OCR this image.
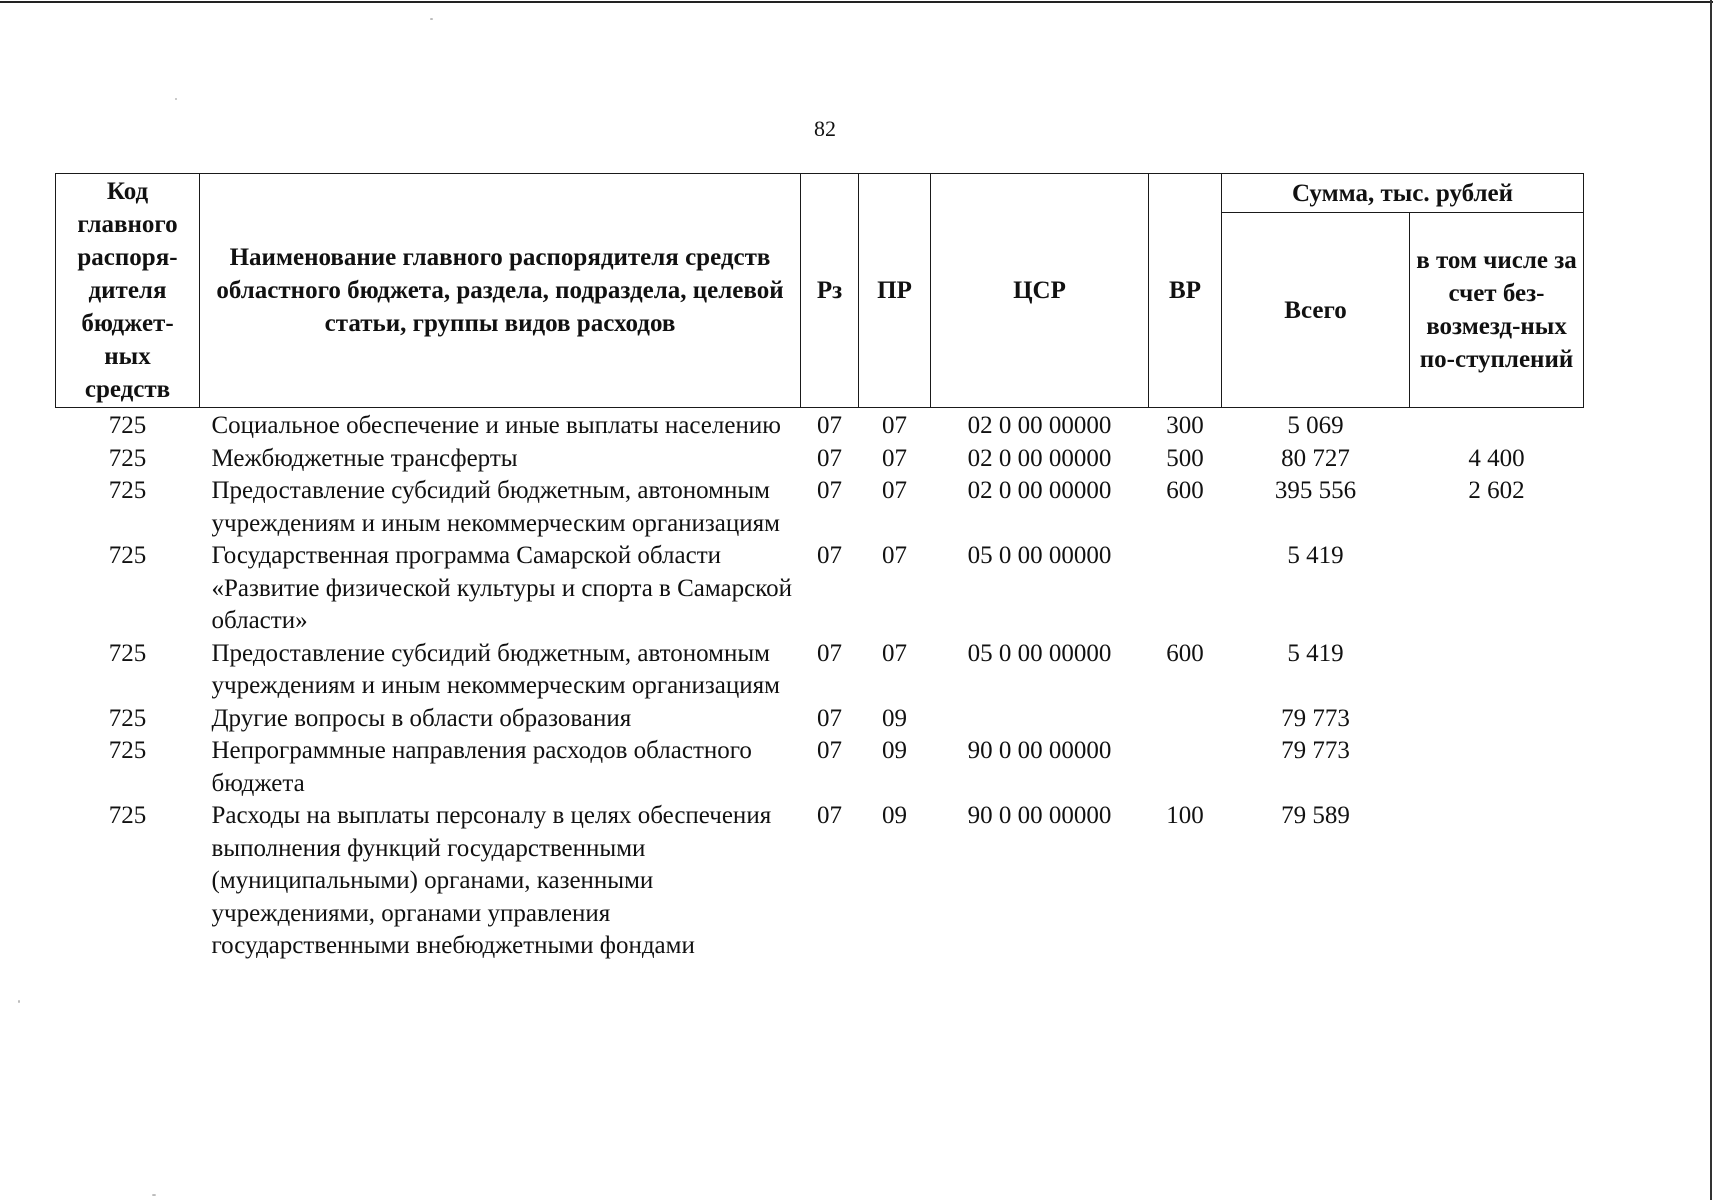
82
Код главного распоря-дителя бюджет-ных средств	Наименование главного распорядителя средств областного бюджета, раздела, подраздела, целевой статьи, группы видов расходов	Рз	ПР	ЦСР	ВР	Сумма, тыс. рублей	
						Всего	в том числе за счет без-возмезд-ных по-ступлений
725	Социальное обеспечение и иные выплаты населению	07	07	02 0 00 00000	300	5 069	
725	Межбюджетные трансферты	07	07	02 0 00 00000	500	80 727	4 400
725	Предоставление субсидий бюджетным, автономным учреждениям и иным некоммерческим организациям	07	07	02 0 00 00000	600	395 556	2 602
725	Государственная программа Самарской области «Развитие физической культуры и спорта в Самарской области»	07	07	05 0 00 00000		5 419	
725	Предоставление субсидий бюджетным, автономным учреждениям и иным некоммерческим организациям	07	07	05 0 00 00000	600	5 419	
725	Другие вопросы в области образования	07	09			79 773	
725	Непрограммные направления расходов областного бюджета	07	09	90 0 00 00000		79 773	
725	Расходы на выплаты персоналу в целях обеспечения выполнения функций государственными (муниципальными) органами, казенными учреждениями, органами управления государственными внебюджетными фондами	07	09	90 0 00 00000	100	79 589	
